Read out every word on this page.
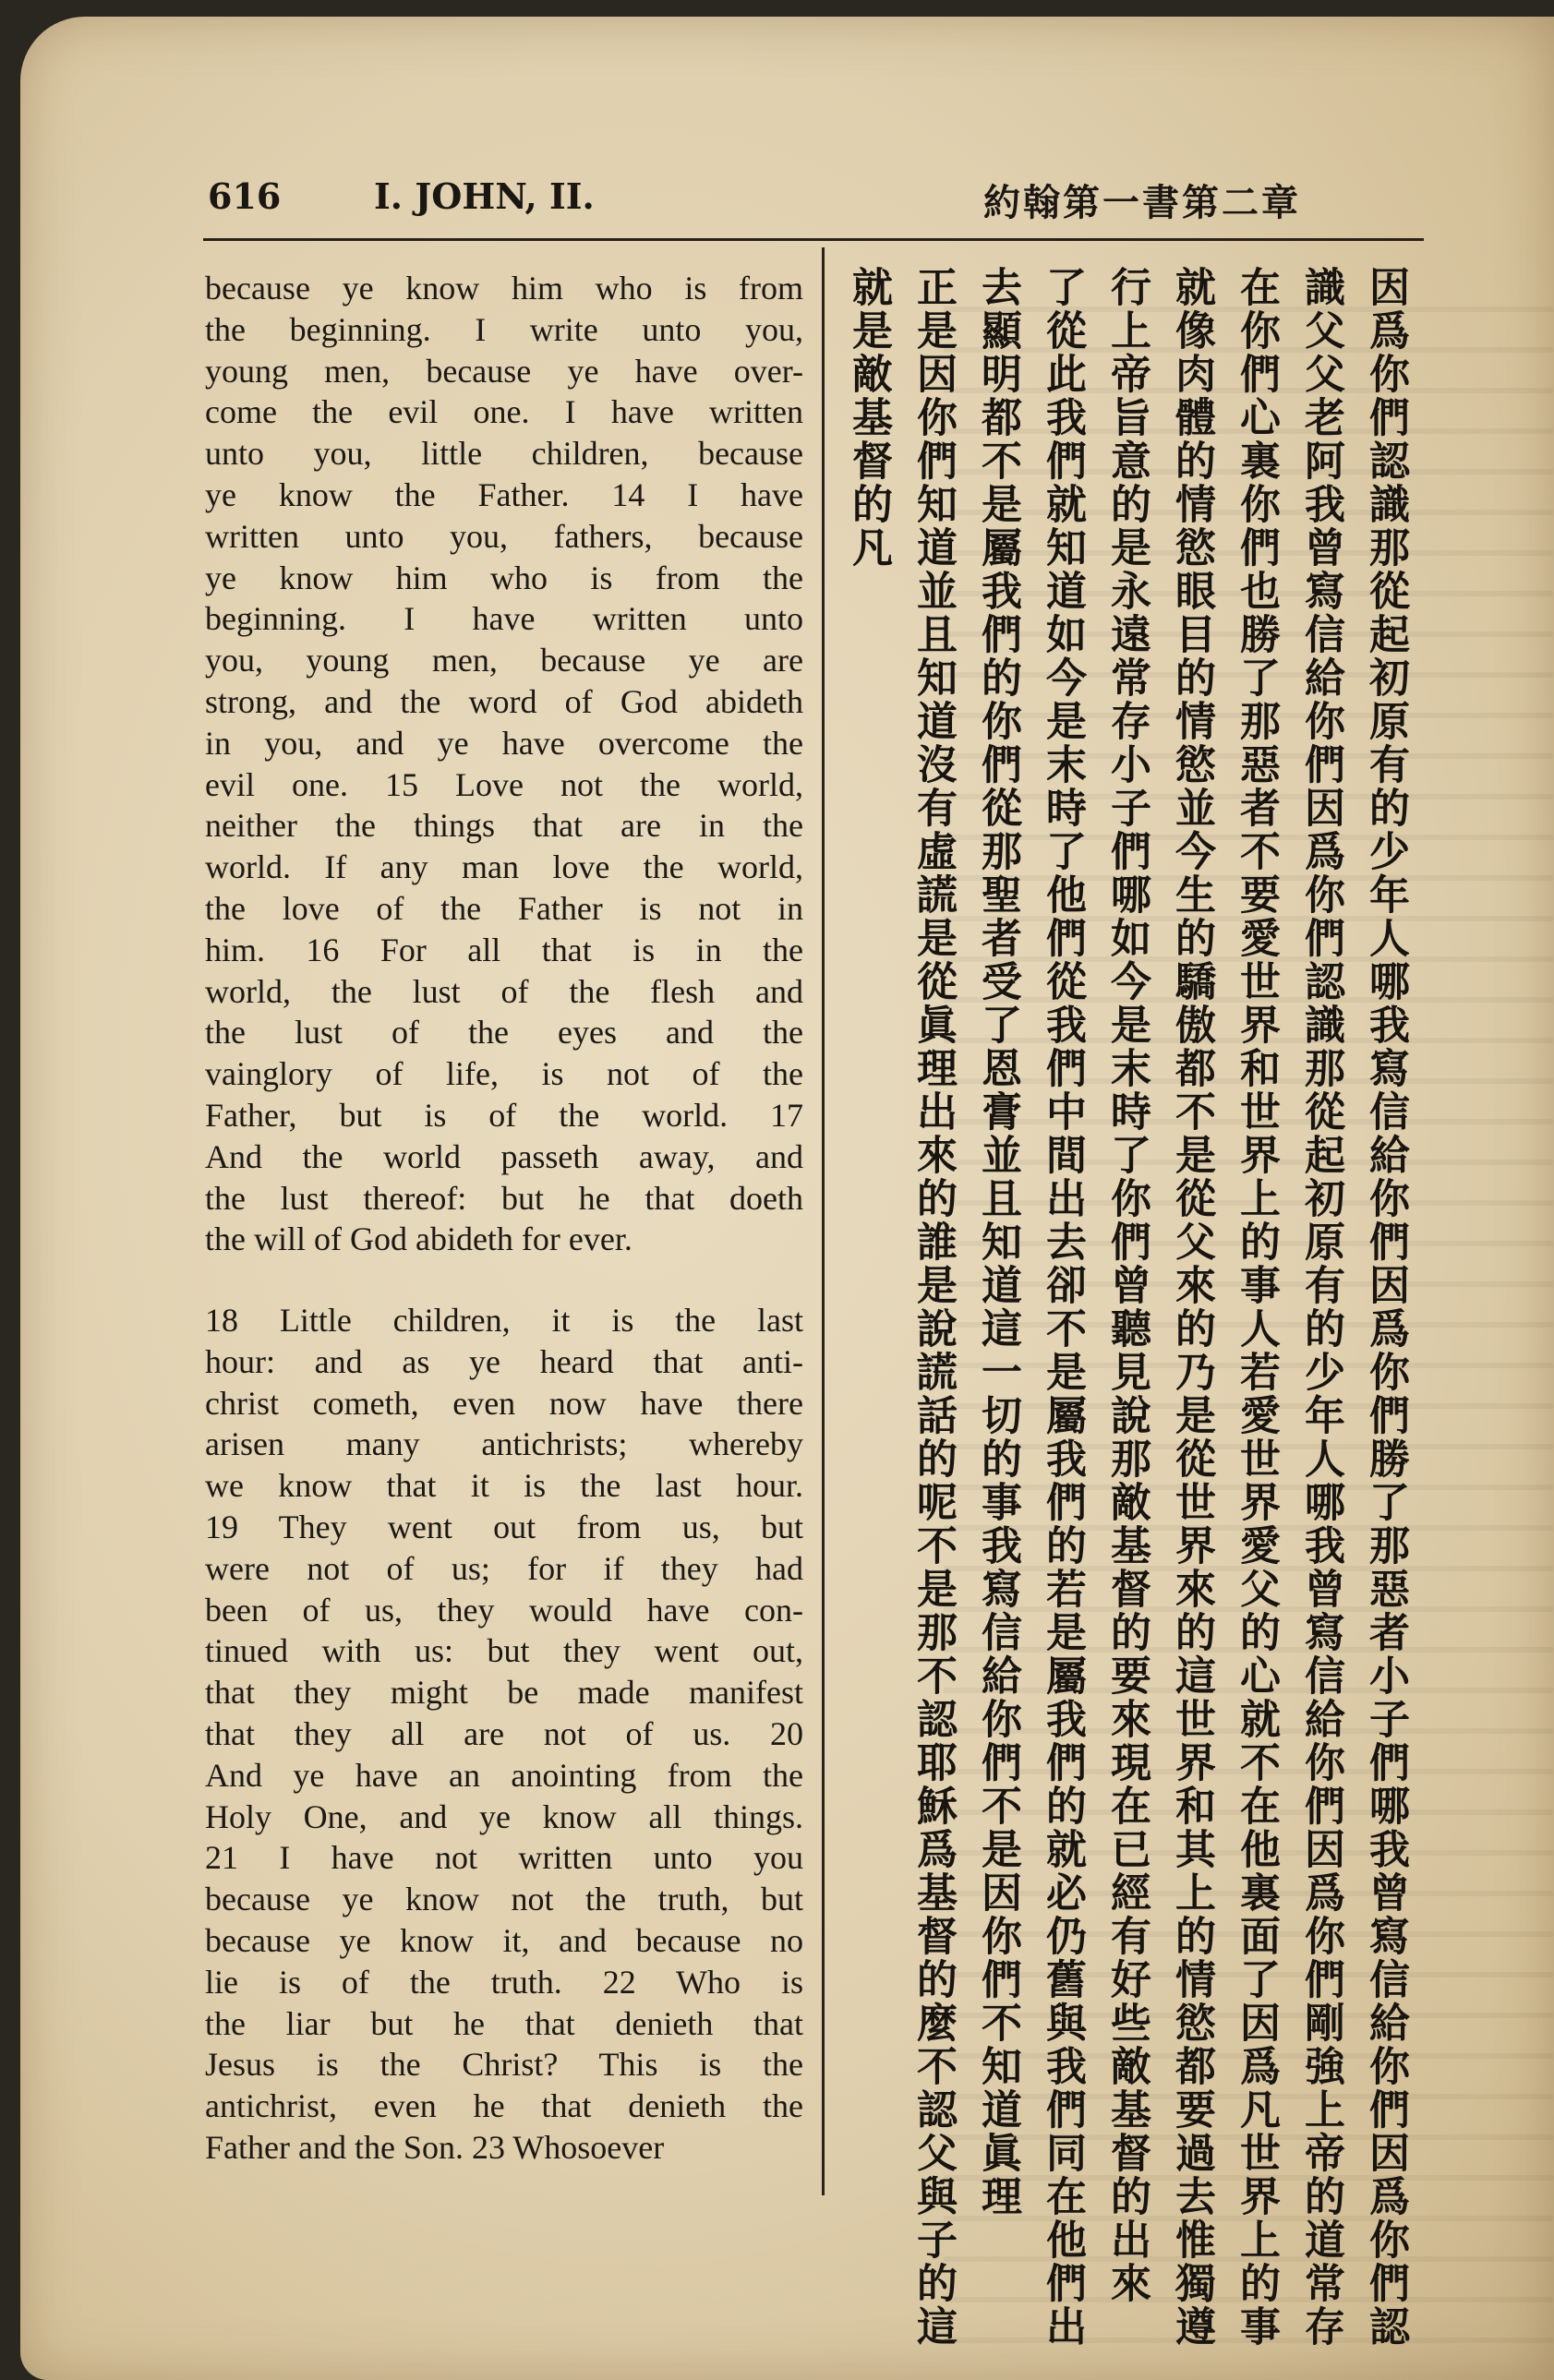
616	I. JOHN, II.	約翰第一書第二章
because ye know him who is from
the beginning. I write unto you,
young men, because ye have over-
come the evil one. I have written
unto you, little children, because
ye know the Father. 14 I have
written unto you, fathers, because
ye know him who is from the
beginning. I have written unto
you, young men, because ye are
strong, and the word of God abideth
in you, and ye have overcome the
evil one. 15 Love not the world,
neither the things that are in the
world. If any man love the world,
the love of the Father is not in
him. 16 For all that is in the
world, the lust of the flesh and
the lust of the eyes and the
vainglory of life, is not of the
Father, but is of the world. 17
And the world passeth away, and
the lust thereof: but he that doeth
the will of God abideth for ever.
18 Little children, it is the last
hour: and as ye heard that anti-
christ cometh, even now have there
arisen many antichrists; whereby
we know that it is the last hour.
19 They went out from us, but
were not of us; for if they had
been of us, they would have con-
tinued with us: but they went out,
that they might be made manifest
that they all are not of us. 20
And ye have an anointing from the
Holy One, and ye know all things.
21 I have not written unto you
because ye know not the truth, but
because ye know it, and because no
lie is of the truth. 22 Who is
the liar but he that denieth that
Jesus is the Christ? This is the
antichrist, even he that denieth the
Father and the Son. 23 Whosoever	因爲你們認識那從起初原有的少年人哪我寫信給你們因爲你們勝了那惡者小子們哪我曾寫信給你們因爲你們認
識父父老阿我曾寫信給你們因爲你們認識那從起初原有的少年人哪我曾寫信給你們因爲你們剛強上帝的道常存
在你們心裏你們也勝了那惡者不要愛世界和世界上的事人若愛世界愛父的心就不在他裏面了因爲凡世界上的事
就像肉體的情慾眼目的情慾並今生的驕傲都不是從父來的乃是從世界來的這世界和其上的情慾都要過去惟獨遵
行上帝旨意的是永遠常存小子們哪如今是末時了你們曾聽見說那敵基督的要來現在已經有好些敵基督的出來
了從此我們就知道如今是末時了他們從我們中間出去卻不是屬我們的若是屬我們的就必仍舊與我們同在他們出
去顯明都不是屬我們的你們從那聖者受了恩膏並且知道這一切的事我寫信給你們不是因你們不知道眞理
正是因你們知道並且知道沒有虛謊是從眞理出來的誰是說謊話的呢不是那不認耶穌爲基督的麼不認父與子的這
就是敵基督的凡
